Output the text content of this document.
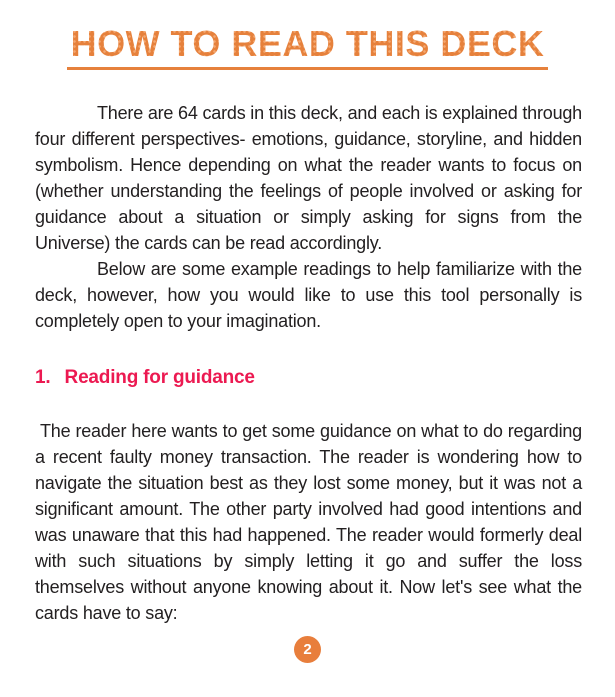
HOW TO READ THIS DECK

There are 64 cards in this deck, and each is explained through four different perspectives- emotions, guidance, storyline, and hidden symbolism. Hence depending on what the reader wants to focus on (whether understanding the feelings of people involved or asking for guidance about a situation or simply asking for signs from the Universe) the cards can be read accordingly.

Below are some example readings to help familiarize with the deck, however, how you would like to use this tool personally is completely open to your imagination.

1. Reading for guidance

The reader here wants to get some guidance on what to do regarding a recent faulty money transaction. The reader is wondering how to navigate the situation best as they lost some money, but it was not a significant amount. The other party involved had good intentions and was unaware that this had happened. The reader would formerly deal with such situations by simply letting it go and suffer the loss themselves without anyone knowing about it. Now let's see what the cards have to say:

2
